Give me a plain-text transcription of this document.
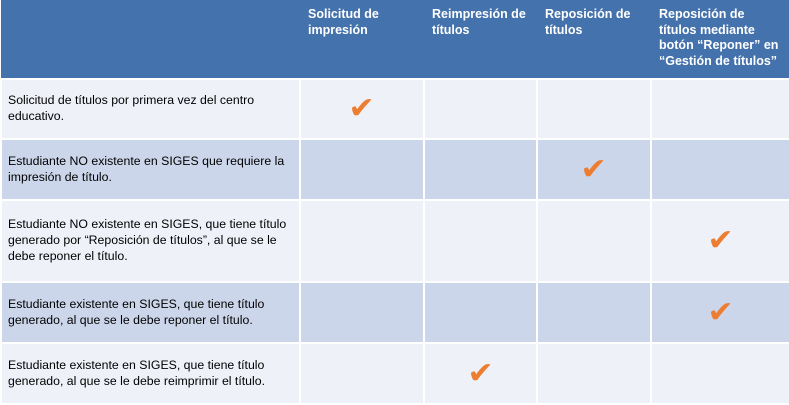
	Solicitud de impresión	Reimpresión de títulos	Reposición de títulos	Reposición de títulos mediante botón “Reponer” en “Gestión de títulos”
Solicitud de títulos por primera vez del centro educativo.	✔			
Estudiante NO existente en SIGES que requiere la impresión de título.			✔	
Estudiante NO existente en SIGES, que tiene título generado por “Reposición de títulos”, al que se le debe reponer el título.				✔
Estudiante existente en SIGES, que tiene título generado, al que se le debe reponer el título.				✔
Estudiante existente en SIGES, que tiene título generado, al que se le debe reimprimir el título.		✔		
